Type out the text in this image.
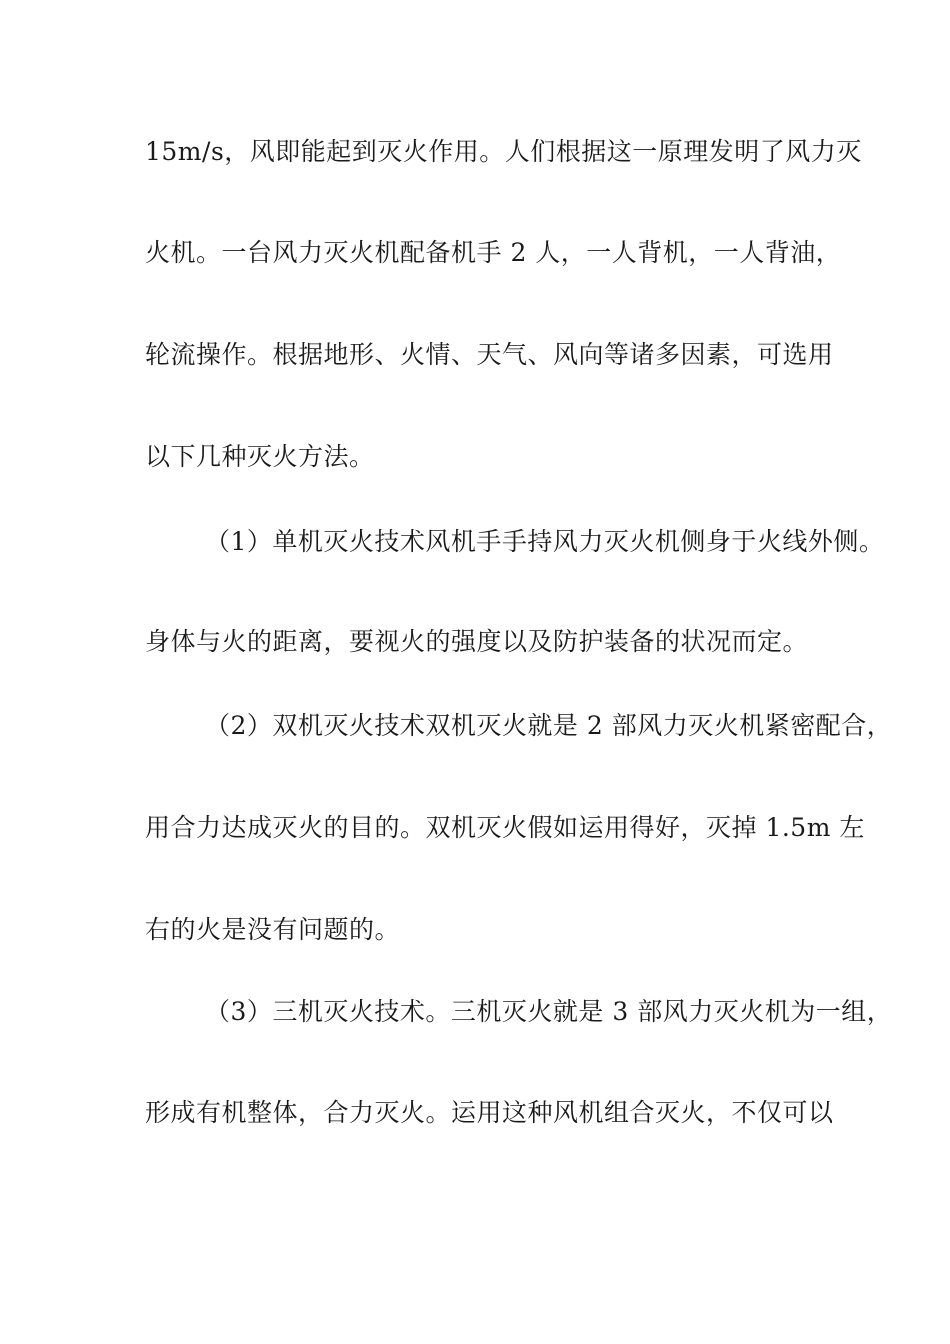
15m/s，风即能起到灭火作用。人们根据这一原理发明了风力灭
火机。一台风力灭火机配备机手 2 人，一人背机，一人背油，
轮流操作。根据地形、火情、天气、风向等诸多因素，可选用
以下几种灭火方法。
（1）单机灭火技术风机手手持风力灭火机侧身于火线外侧。
身体与火的距离，要视火的强度以及防护装备的状况而定。
（2）双机灭火技术双机灭火就是 2 部风力灭火机紧密配合，
用合力达成灭火的目的。双机灭火假如运用得好，灭掉 1.5m 左
右的火是没有问题的。
（3）三机灭火技术。三机灭火就是 3 部风力灭火机为一组，
形成有机整体，合力灭火。运用这种风机组合灭火，不仅可以
